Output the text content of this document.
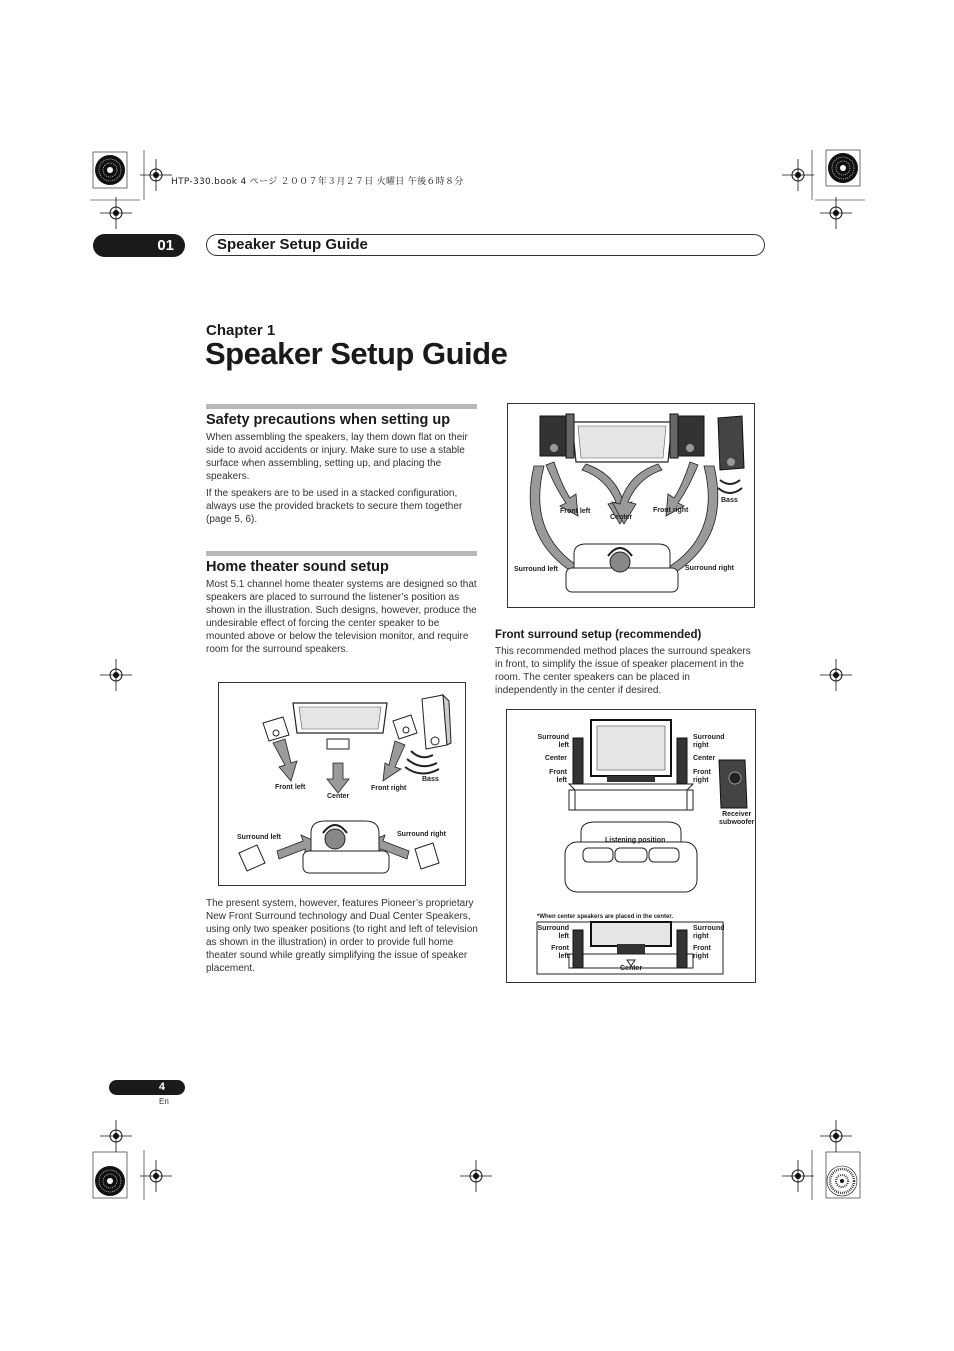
HTP-330.book 4 ページ ２００７年３月２７日 火曜日 午後６時８分
01	Speaker Setup Guide
Chapter 1
Speaker Setup Guide
Safety precautions when setting up
When assembling the speakers, lay them down flat on their side to avoid accidents or injury. Make sure to use a stable surface when assembling, setting up, and placing the speakers.
If the speakers are to be used in a stacked configuration, always use the provided brackets to secure them together (page 5, 6).
Home theater sound setup
Most 5.1 channel home theater systems are designed so that speakers are placed to surround the listener’s position as shown in the illustration. Such designs, however, produce the undesirable effect of forcing the center speaker to be mounted above or below the television monitor, and require room for the surround speakers.
Front left
Center
Front right
Bass
Surround left	Surround right
The present system, however, features Pioneer’s proprietary New Front Surround technology and Dual Center Speakers, using only two speaker positions (to right and left of television as shown in the illustration) in order to provide full home theater sound while greatly simplifying the issue of speaker placement.
Front left
Center
Front right
Bass
Surround left	Surround right
Front surround setup (recommended)
This recommended method places the surround speakers in front, to simplify the issue of speaker placement in the room. The center speakers can be placed in independently in the center if desired.
Surround
left
Center
Front
left
Surround
right
Center
Front
right
Receiver
subwoofer
Listening position
*When center speakers are placed in the center.
Surround
left
Front
left
Surround
right
Front
right
Center
4
En
